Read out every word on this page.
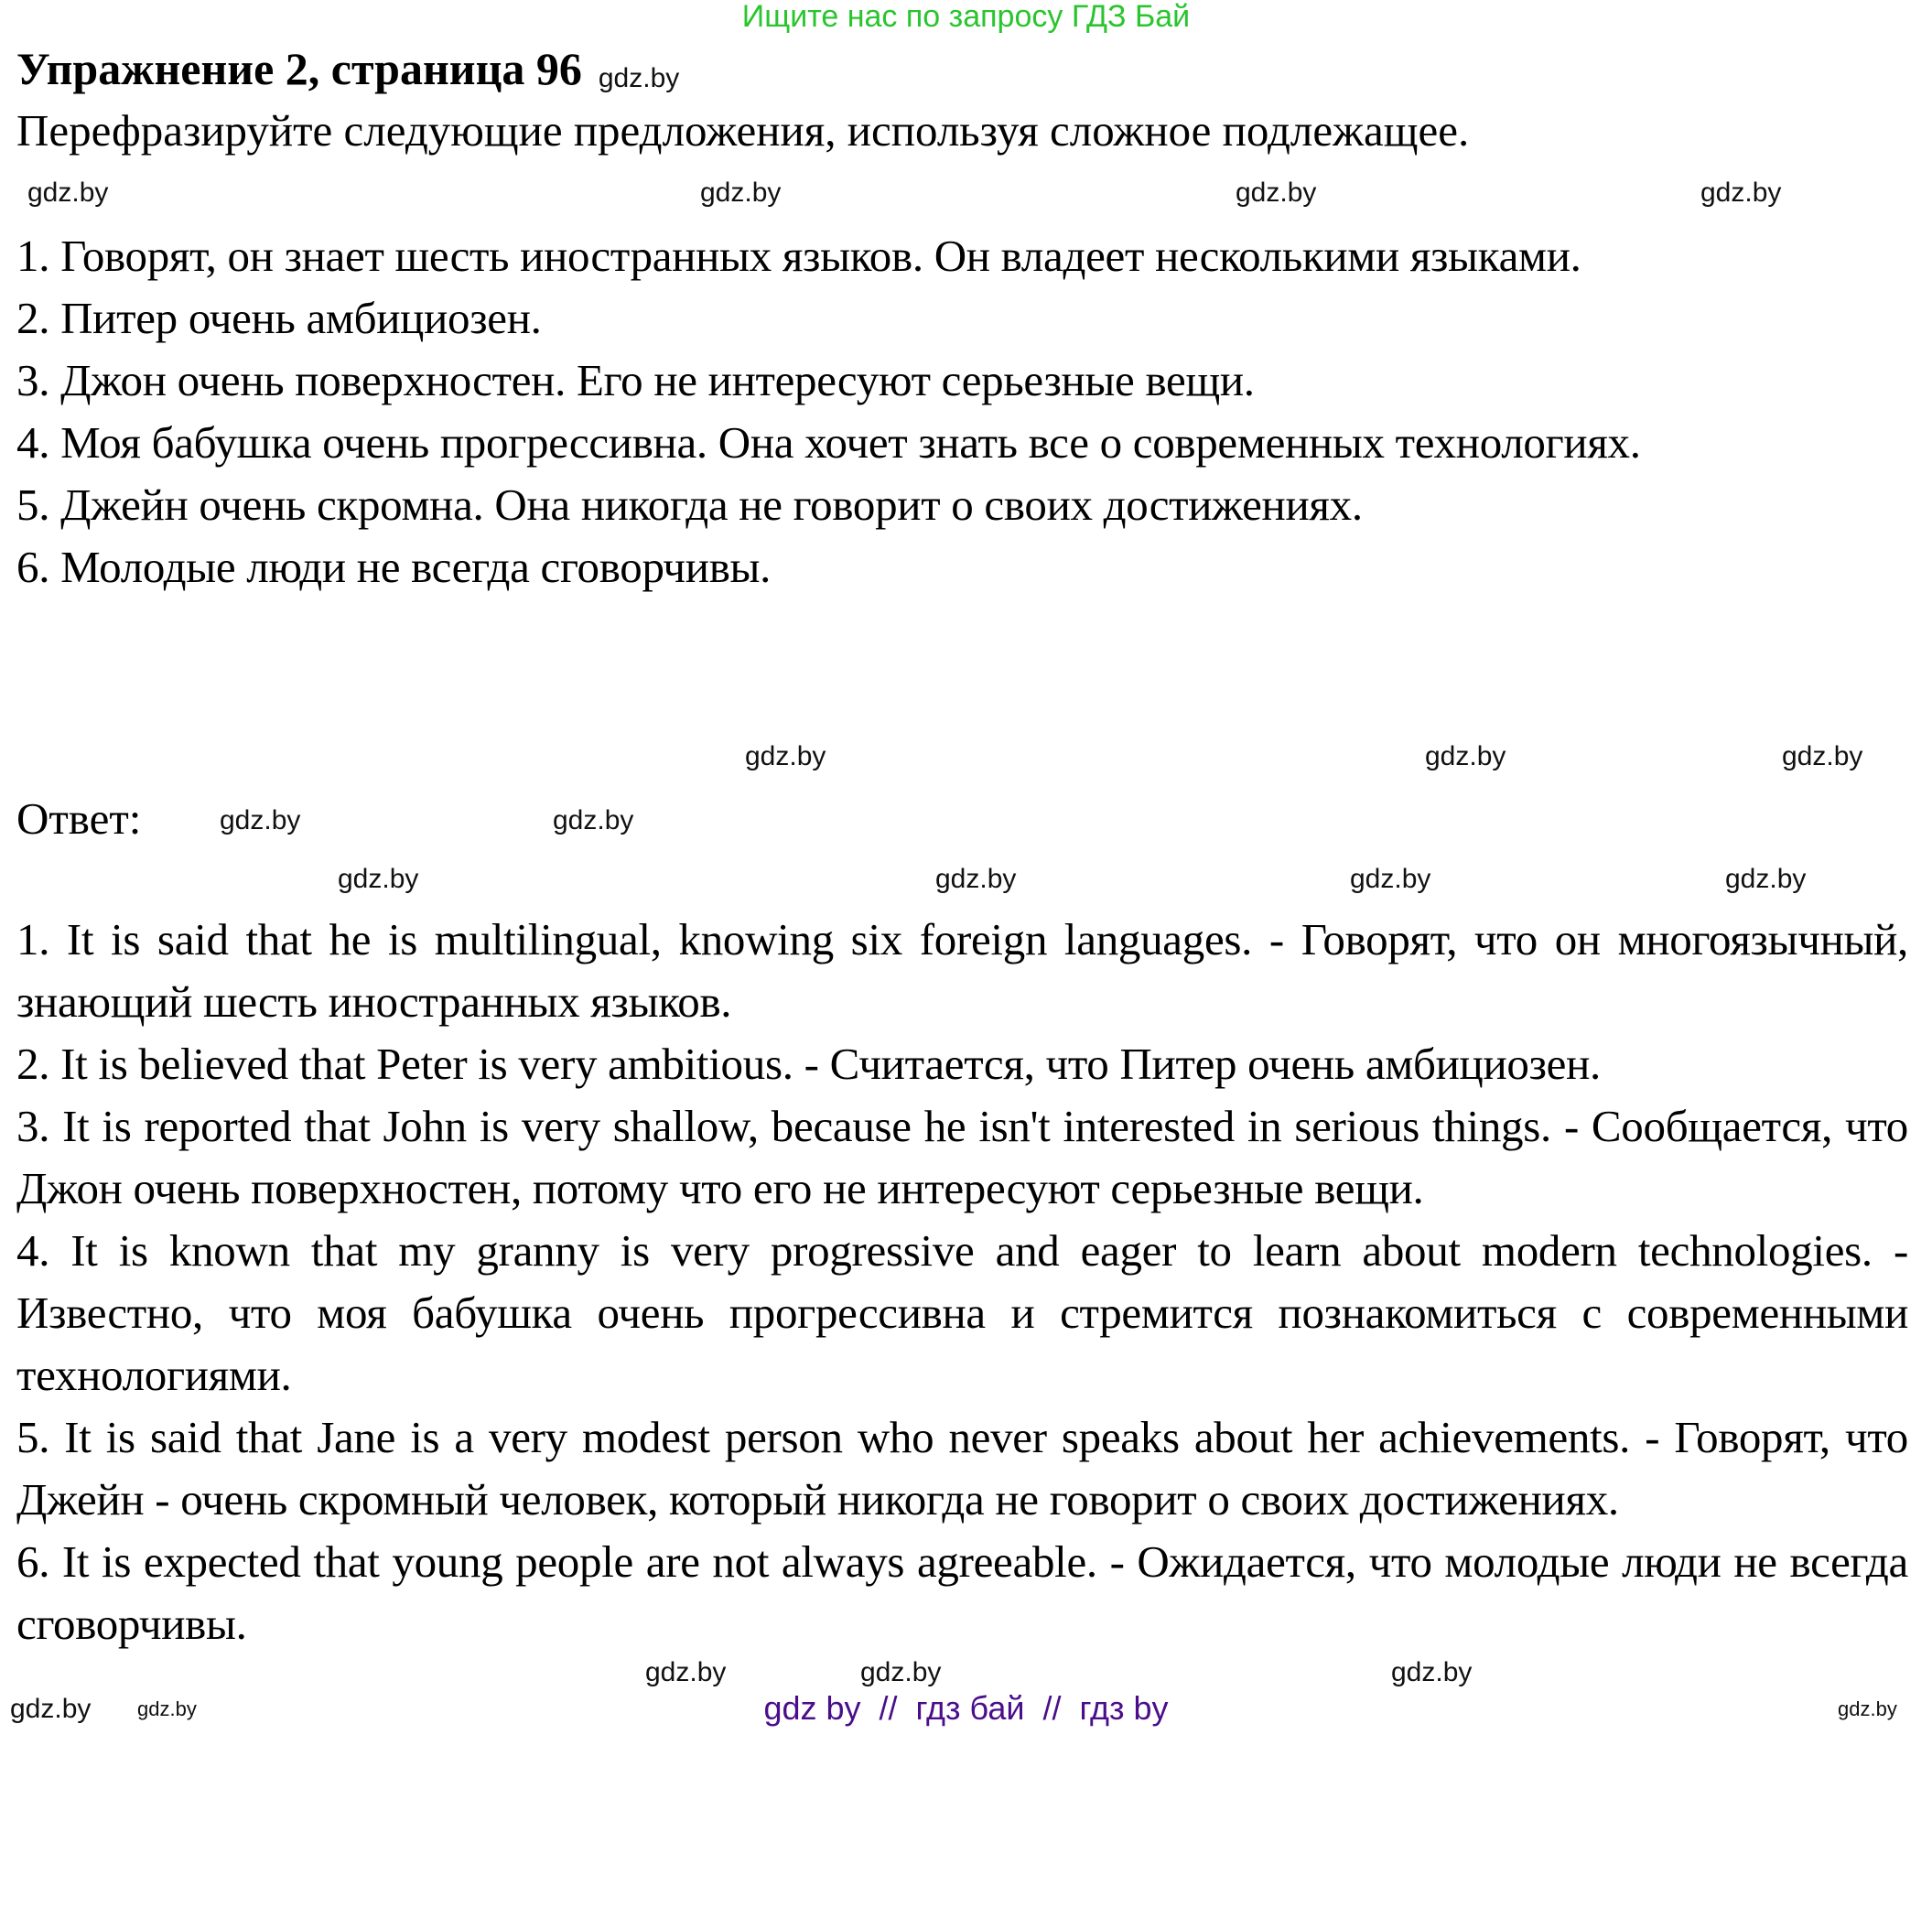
Ищите нас по запросу ГДЗ Бай
Упражнение 2, страница 96 gdz.by
Перефразируйте следующие предложения, используя сложное подлежащее.
gdz.by	gdz.by	gdz.by	gdz.by

1. Говорят, он знает шесть иностранных языков. Он владеет несколькими языками.

2. Питер очень амбициозен.

3. Джон очень поверхностен. Его не интересуют серьезные вещи.

4. Моя бабушка очень прогрессивна. Она хочет знать все о современных технологиях.

5. Джейн очень скромна. Она никогда не говорит о своих достижениях.

6. Молодые люди не всегда сговорчивы.

gdz.by	gdz.by	gdz.by
Ответ:	gdz.by	gdz.by
gdz.by	gdz.by	gdz.by	gdz.by

1. It is said that he is multilingual, knowing six foreign languages. - Говорят, что он многоязычный, знающий шесть иностранных языков.

2. It is believed that Peter is very ambitious. - Считается, что Питер очень амбициозен.

3. It is reported that John is very shallow, because he isn't interested in serious things. - Сообщается, что Джон очень поверхностен, потому что его не интересуют серьезные вещи.

4. It is known that my granny is very progressive and eager to learn about modern technologies. - Известно, что моя бабушка очень прогрессивна и стремится познакомиться с современными технологиями.

5. It is said that Jane is a very modest person who never speaks about her achievements. - Говорят, что Джейн - очень скромный человек, который никогда не говорит о своих достижениях.

6. It is expected that young people are not always agreeable. - Ожидается, что молодые люди не всегда сговорчивы.

gdz.by	gdz.by	gdz.by
gdz by  //  гдз бай  //  гдз by
gdz.by gdz.by	gdz.by
